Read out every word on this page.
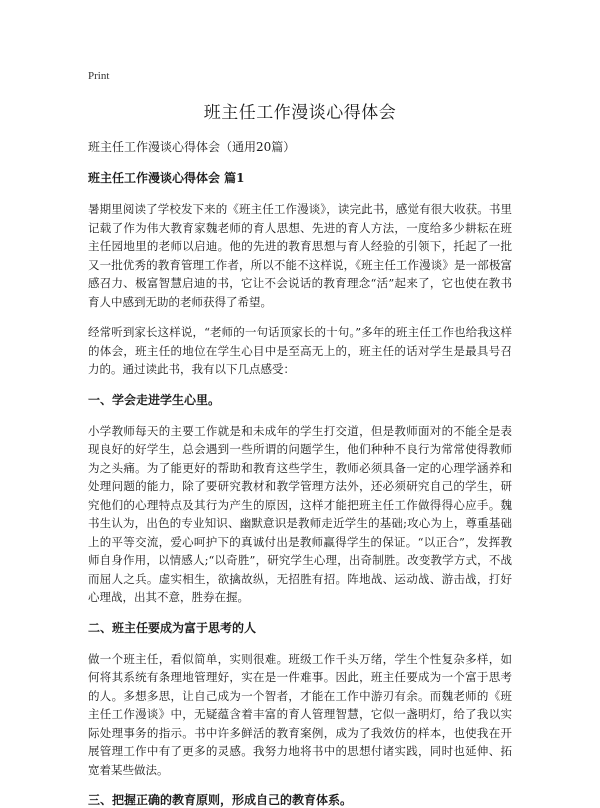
Print
班主任工作漫谈心得体会

班主任工作漫谈心得体会（通用20篇）

班主任工作漫谈心得体会 篇1

暑期里阅读了学校发下来的《班主任工作漫谈》，读完此书，感觉有很大收获。书里记载了作为伟大教育家魏老师的育人思想、先进的育人方法，一度给多少耕耘在班主任园地里的老师以启迪。他的先进的教育思想与育人经验的引领下，托起了一批又一批优秀的教育管理工作者，所以不能不这样说，《班主任工作漫谈》是一部极富感召力、极富智慧启迪的书，它让不会说话的教育理念“活”起来了，它也使在教书育人中感到无助的老师获得了希望。

经常听到家长这样说，“老师的一句话顶家长的十句。”多年的班主任工作也给我这样的体会，班主任的地位在学生心目中是至高无上的，班主任的话对学生是最具号召力的。通过读此书，我有以下几点感受：

一、学会走进学生心里。

小学教师每天的主要工作就是和未成年的学生打交道，但是教师面对的不能全是表现良好的好学生，总会遇到一些所谓的问题学生，他们种种不良行为常常使得教师为之头痛。为了能更好的帮助和教育这些学生，教师必须具备一定的心理学涵养和处理问题的能力，除了要研究教材和教学管理方法外，还必须研究自己的学生，研究他们的心理特点及其行为产生的原因，这样才能把班主任工作做得得心应手。魏书生认为，出色的专业知识、幽默意识是教师走近学生的基础;攻心为上，尊重基础上的平等交流，爱心呵护下的真诚付出是教师赢得学生的保证。“以正合”，发挥教师自身作用，以情感人;“以奇胜”，研究学生心理，出奇制胜。改变教学方式，不战而屈人之兵。虚实相生，欲擒故纵，无招胜有招。阵地战、运动战、游击战，打好心理战，出其不意，胜券在握。

二、班主任要成为富于思考的人

做一个班主任，看似简单，实则很难。班级工作千头万绪，学生个性复杂多样，如何将其系统有条理地管理好，实在是一件难事。因此，班主任要成为一个富于思考的人。多想多思，让自己成为一个智者，才能在工作中游刃有余。而魏老师的《班主任工作漫谈》中，无疑蕴含着丰富的育人管理智慧，它似一盏明灯，给了我以实际处理事务的指示。书中许多鲜活的教育案例，成为了我效仿的样本，也使我在开展管理工作中有了更多的灵感。我努力地将书中的思想付诸实践，同时也延伸、拓宽着某些做法。

三、把握正确的教育原则，形成自己的教育体系。
